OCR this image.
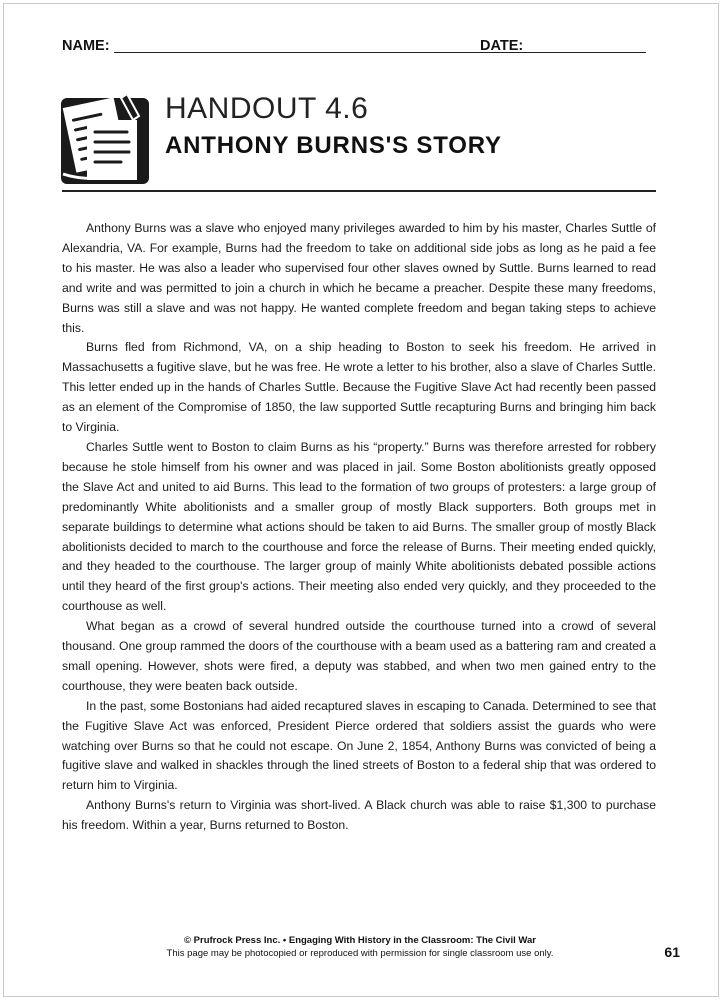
NAME:	DATE:
HANDOUT 4.6
ANTHONY BURNS'S STORY

Anthony Burns was a slave who enjoyed many privileges awarded to him by his master, Charles Suttle of Alexandria, VA. For example, Burns had the freedom to take on additional side jobs as long as he paid a fee to his master. He was also a leader who supervised four other slaves owned by Suttle. Burns learned to read and write and was permitted to join a church in which he became a preacher. Despite these many freedoms, Burns was still a slave and was not happy. He wanted complete freedom and began taking steps to achieve this.

Burns fled from Richmond, VA, on a ship heading to Boston to seek his freedom. He arrived in Massachusetts a fugitive slave, but he was free. He wrote a letter to his brother, also a slave of Charles Suttle. This letter ended up in the hands of Charles Suttle. Because the Fugitive Slave Act had recently been passed as an element of the Compromise of 1850, the law supported Suttle recapturing Burns and bringing him back to Virginia.

Charles Suttle went to Boston to claim Burns as his “property.” Burns was therefore arrested for robbery because he stole himself from his owner and was placed in jail. Some Boston abolitionists greatly opposed the Slave Act and united to aid Burns. This lead to the formation of two groups of protesters: a large group of predominantly White abolitionists and a smaller group of mostly Black supporters. Both groups met in separate buildings to determine what actions should be taken to aid Burns. The smaller group of mostly Black abolitionists decided to march to the courthouse and force the release of Burns. Their meeting ended quickly, and they headed to the courthouse. The larger group of mainly White abolitionists debated possible actions until they heard of the first group's actions. Their meeting also ended very quickly, and they proceeded to the courthouse as well.

What began as a crowd of several hundred outside the courthouse turned into a crowd of several thousand. One group rammed the doors of the courthouse with a beam used as a battering ram and created a small opening. However, shots were fired, a deputy was stabbed, and when two men gained entry to the courthouse, they were beaten back outside.

In the past, some Bostonians had aided recaptured slaves in escaping to Canada. Determined to see that the Fugitive Slave Act was enforced, President Pierce ordered that soldiers assist the guards who were watching over Burns so that he could not escape. On June 2, 1854, Anthony Burns was convicted of being a fugitive slave and walked in shackles through the lined streets of Boston to a federal ship that was ordered to return him to Virginia.

Anthony Burns's return to Virginia was short-lived. A Black church was able to raise $1,300 to purchase his freedom. Within a year, Burns returned to Boston.

© Prufrock Press Inc. • Engaging With History in the Classroom: The Civil War
This page may be photocopied or reproduced with permission for single classroom use only.	61
